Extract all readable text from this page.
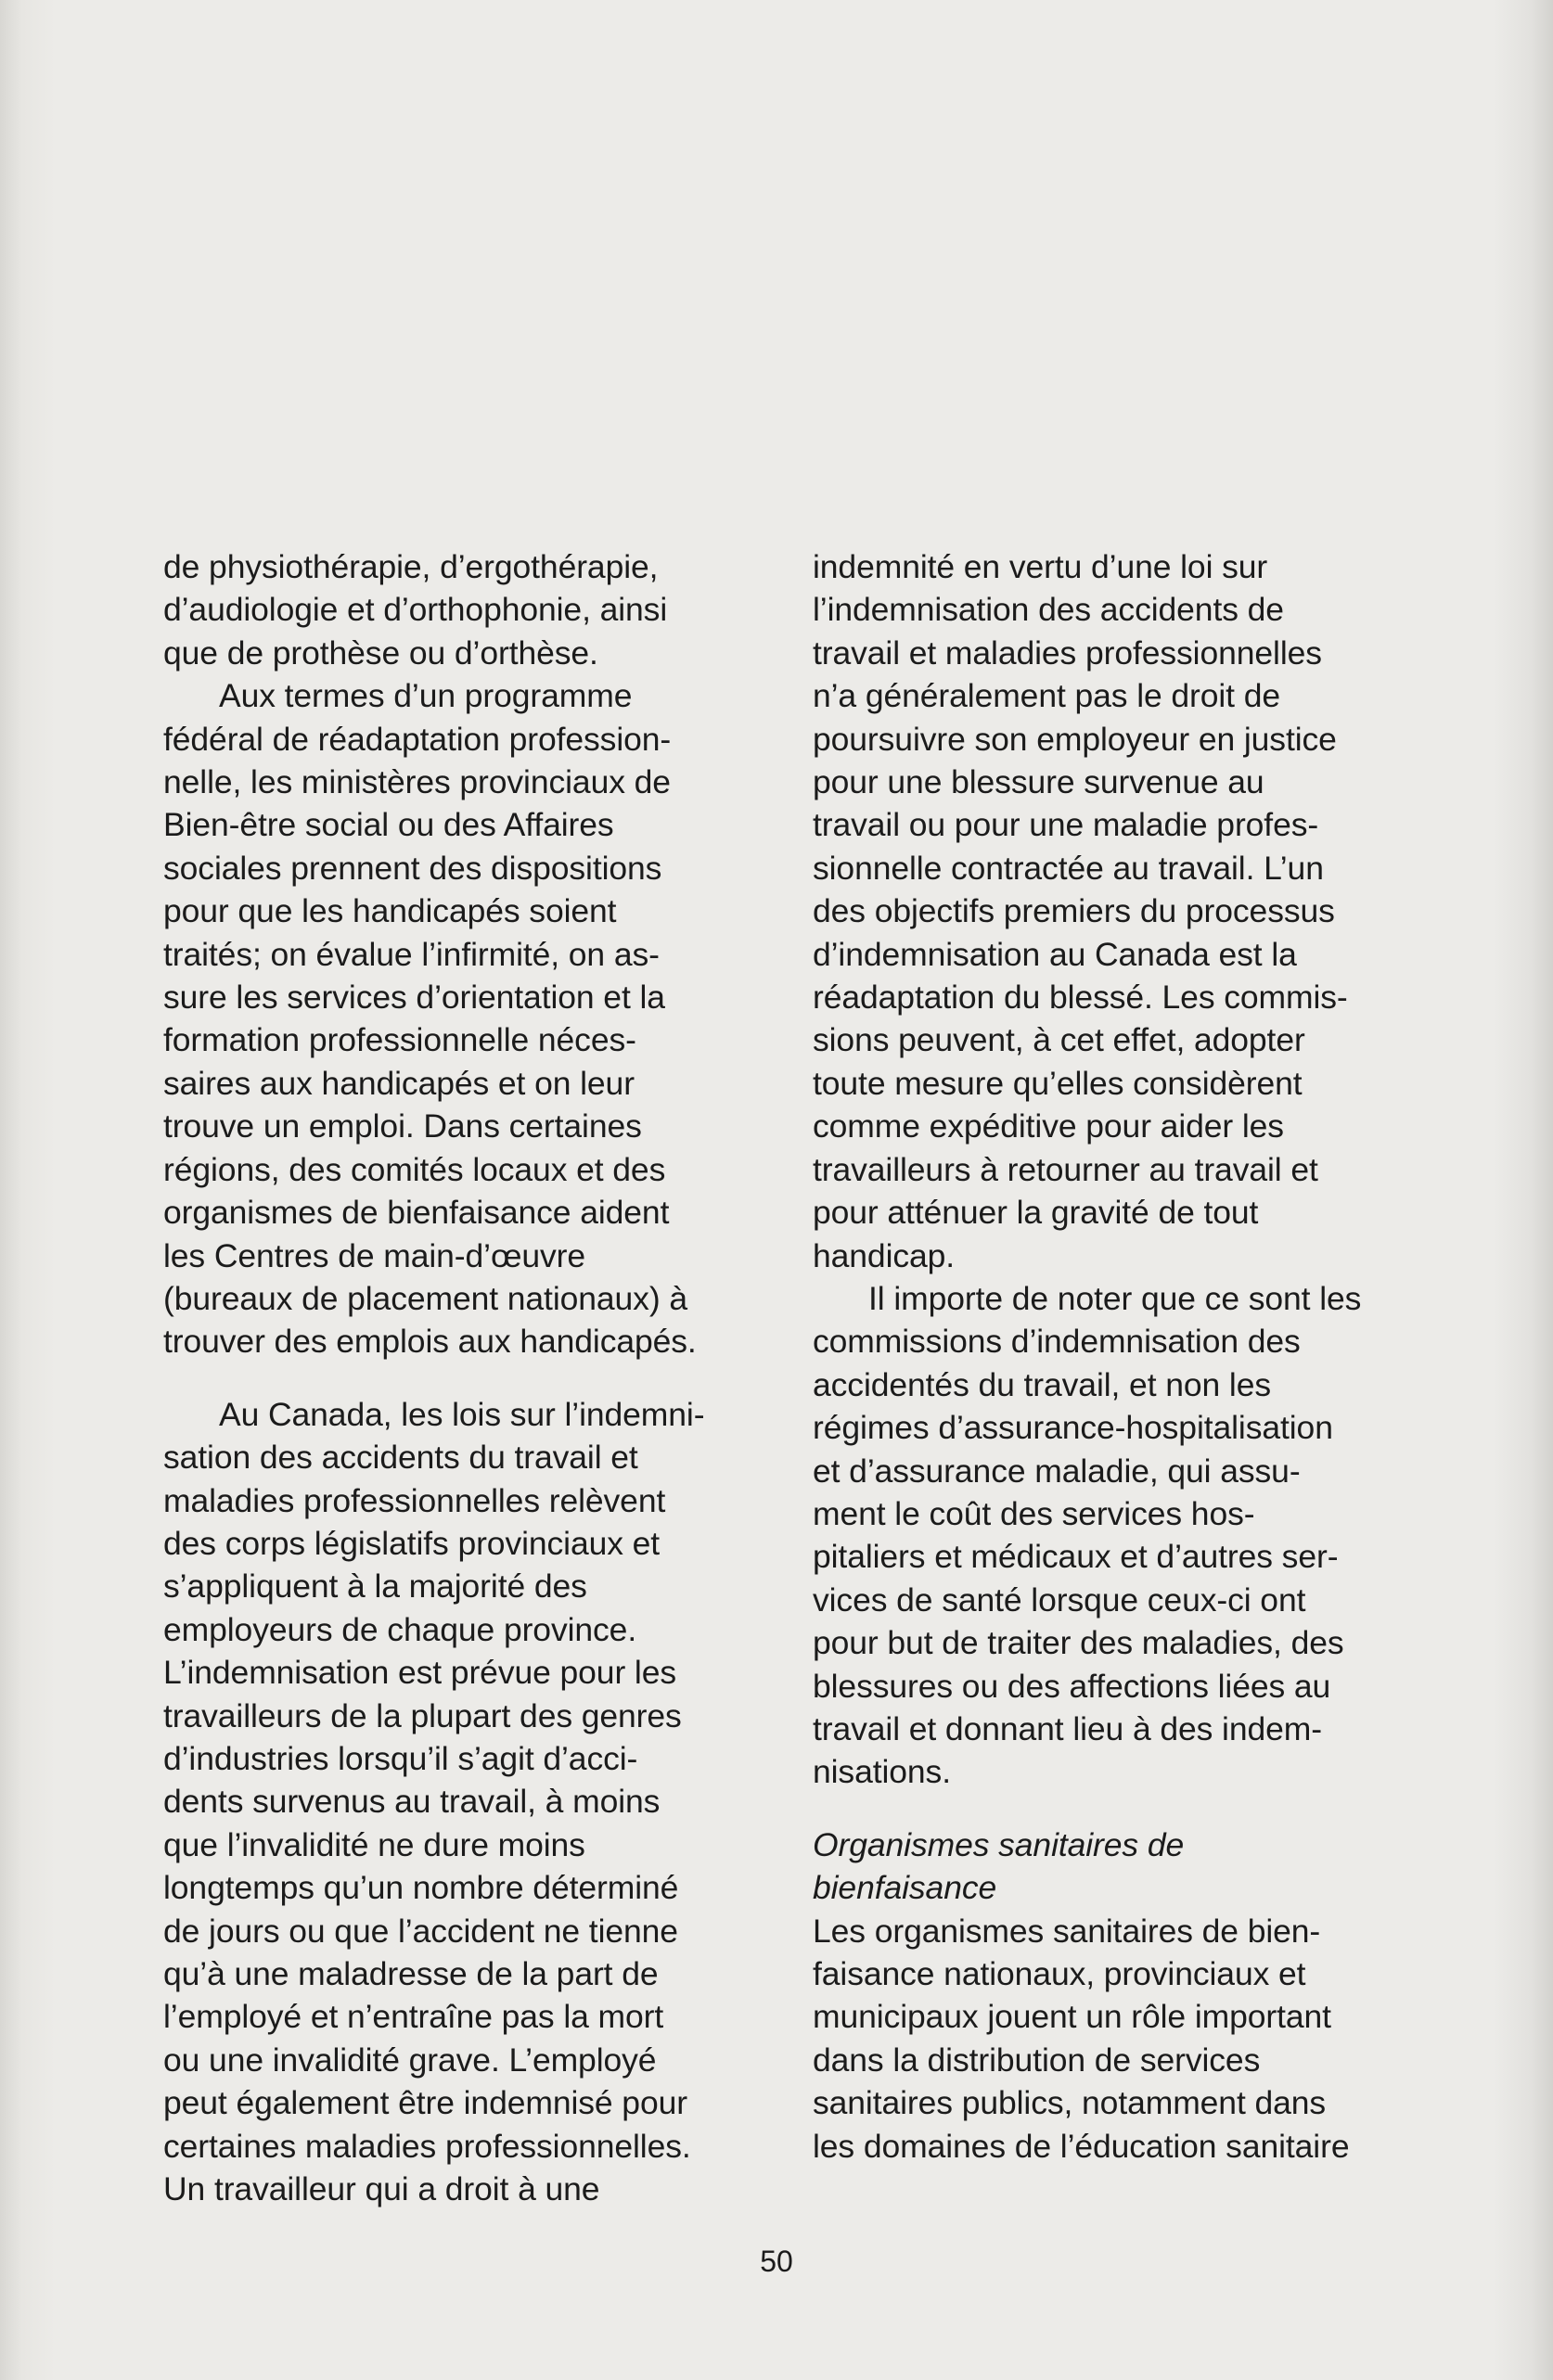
de physiothérapie, d’ergothérapie,
d’audiologie et d’orthophonie, ainsi
que de prothèse ou d’orthèse.
Aux termes d’un programme
fédéral de réadaptation profession-
nelle, les ministères provinciaux de
Bien-être social ou des Affaires
sociales prennent des dispositions
pour que les handicapés soient
traités; on évalue l’infirmité, on as-
sure les services d’orientation et la
formation professionnelle néces-
saires aux handicapés et on leur
trouve un emploi. Dans certaines
régions, des comités locaux et des
organismes de bienfaisance aident
les Centres de main-d’œuvre
(bureaux de placement nationaux) à
trouver des emplois aux handicapés.
Au Canada, les lois sur l’indemni-
sation des accidents du travail et
maladies professionnelles relèvent
des corps législatifs provinciaux et
s’appliquent à la majorité des
employeurs de chaque province.
L’indemnisation est prévue pour les
travailleurs de la plupart des genres
d’industries lorsqu’il s’agit d’acci-
dents survenus au travail, à moins
que l’invalidité ne dure moins
longtemps qu’un nombre déterminé
de jours ou que l’accident ne tienne
qu’à une maladresse de la part de
l’employé et n’entraîne pas la mort
ou une invalidité grave. L’employé
peut également être indemnisé pour
certaines maladies professionnelles.
Un travailleur qui a droit à une
indemnité en vertu d’une loi sur
l’indemnisation des accidents de
travail et maladies professionnelles
n’a généralement pas le droit de
poursuivre son employeur en justice
pour une blessure survenue au
travail ou pour une maladie profes-
sionnelle contractée au travail. L’un
des objectifs premiers du processus
d’indemnisation au Canada est la
réadaptation du blessé. Les commis-
sions peuvent, à cet effet, adopter
toute mesure qu’elles considèrent
comme expéditive pour aider les
travailleurs à retourner au travail et
pour atténuer la gravité de tout
handicap.
Il importe de noter que ce sont les
commissions d’indemnisation des
accidentés du travail, et non les
régimes d’assurance-hospitalisation
et d’assurance maladie, qui assu-
ment le coût des services hos-
pitaliers et médicaux et d’autres ser-
vices de santé lorsque ceux-ci ont
pour but de traiter des maladies, des
blessures ou des affections liées au
travail et donnant lieu à des indem-
nisations.
Organismes sanitaires de
bienfaisance
Les organismes sanitaires de bien-
faisance nationaux, provinciaux et
municipaux jouent un rôle important
dans la distribution de services
sanitaires publics, notamment dans
les domaines de l’éducation sanitaire
50
